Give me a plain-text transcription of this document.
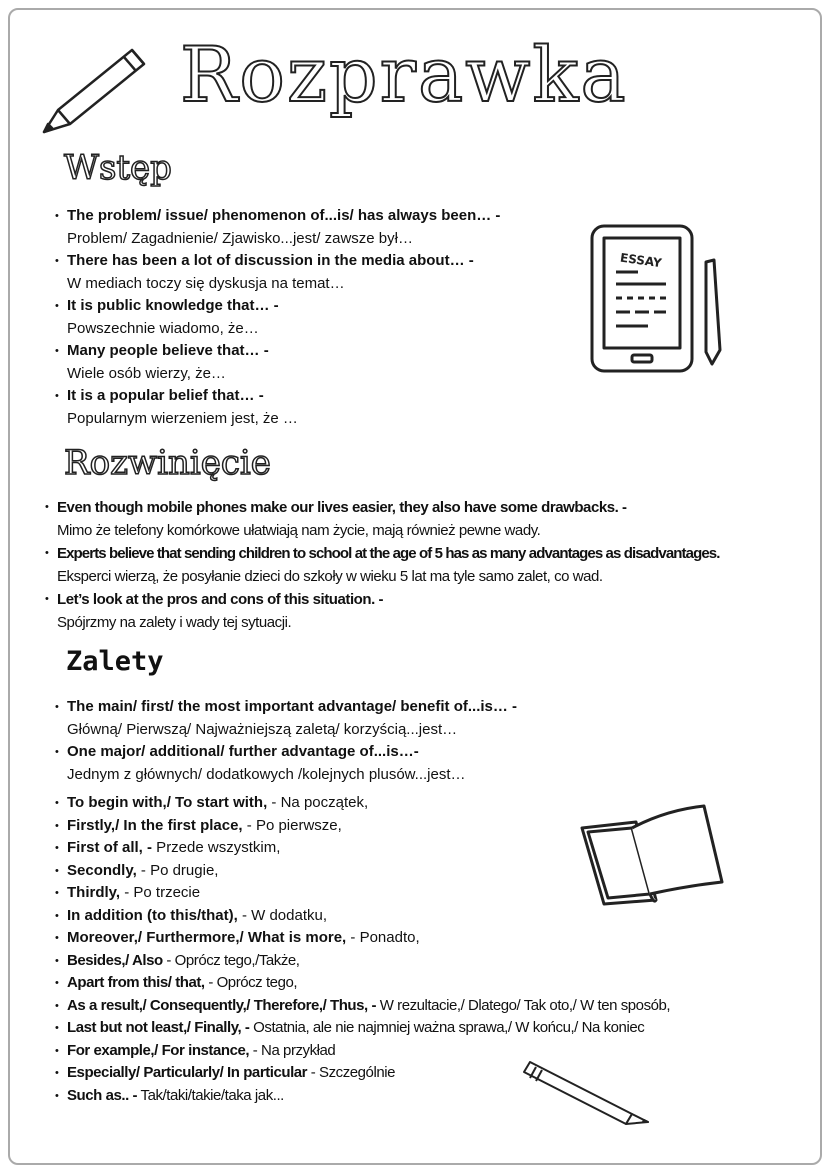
Rozprawka
Wstęp
• The problem/ issue/ phenomenon of...is/ has always been… -
Problem/ Zagadnienie/ Zjawisko...jest/ zawsze był…
• There has been a lot of discussion in the media about… -
W mediach toczy się dyskusja na temat…
• It is public knowledge that… -
Powszechnie wiadomo, że…
• Many people believe that… -
Wiele osób wierzy, że…
• It is a popular belief that… -
Popularnym wierzeniem jest, że …
ESSAY
Rozwinięcie
• Even though mobile phones make our lives easier, they also have some drawbacks. -
Mimo że telefony komórkowe ułatwiają nam życie, mają również pewne wady.
• Experts believe that sending children to school at the age of 5 has as many advantages as disadvantages.
Eksperci wierzą, że posyłanie dzieci do szkoły w wieku 5 lat ma tyle samo zalet, co wad.
• Let’s look at the pros and cons of this situation. -
Spójrzmy na zalety i wady tej sytuacji.
Zalety
• The main/ first/ the most important advantage/ benefit of...is… -
Główną/ Pierwszą/ Najważniejszą zaletą/ korzyścią...jest…
• One major/ additional/ further advantage of...is…-
Jednym z głównych/ dodatkowych /kolejnych plusów...jest…
• To begin with,/ To start with, - Na początek,
• Firstly,/ In the first place, - Po pierwsze,
• First of all, - Przede wszystkim,
• Secondly, - Po drugie,
• Thirdly, - Po trzecie
• In addition (to this/that), - W dodatku,
• Moreover,/ Furthermore,/ What is more, - Ponadto,
• Besides,/ Also - Oprócz tego,/Także,
• Apart from this/ that, - Oprócz tego,
• As a result,/ Consequently,/ Therefore,/ Thus, - W rezultacie,/ Dlatego/ Tak oto,/ W ten sposób,
• Last but not least,/ Finally, - Ostatnia, ale nie najmniej ważna sprawa,/ W końcu,/ Na koniec
• For example,/ For instance, - Na przykład
• Especially/ Particularly/ In particular - Szczególnie
• Such as.. - Tak/taki/takie/taka jak...
